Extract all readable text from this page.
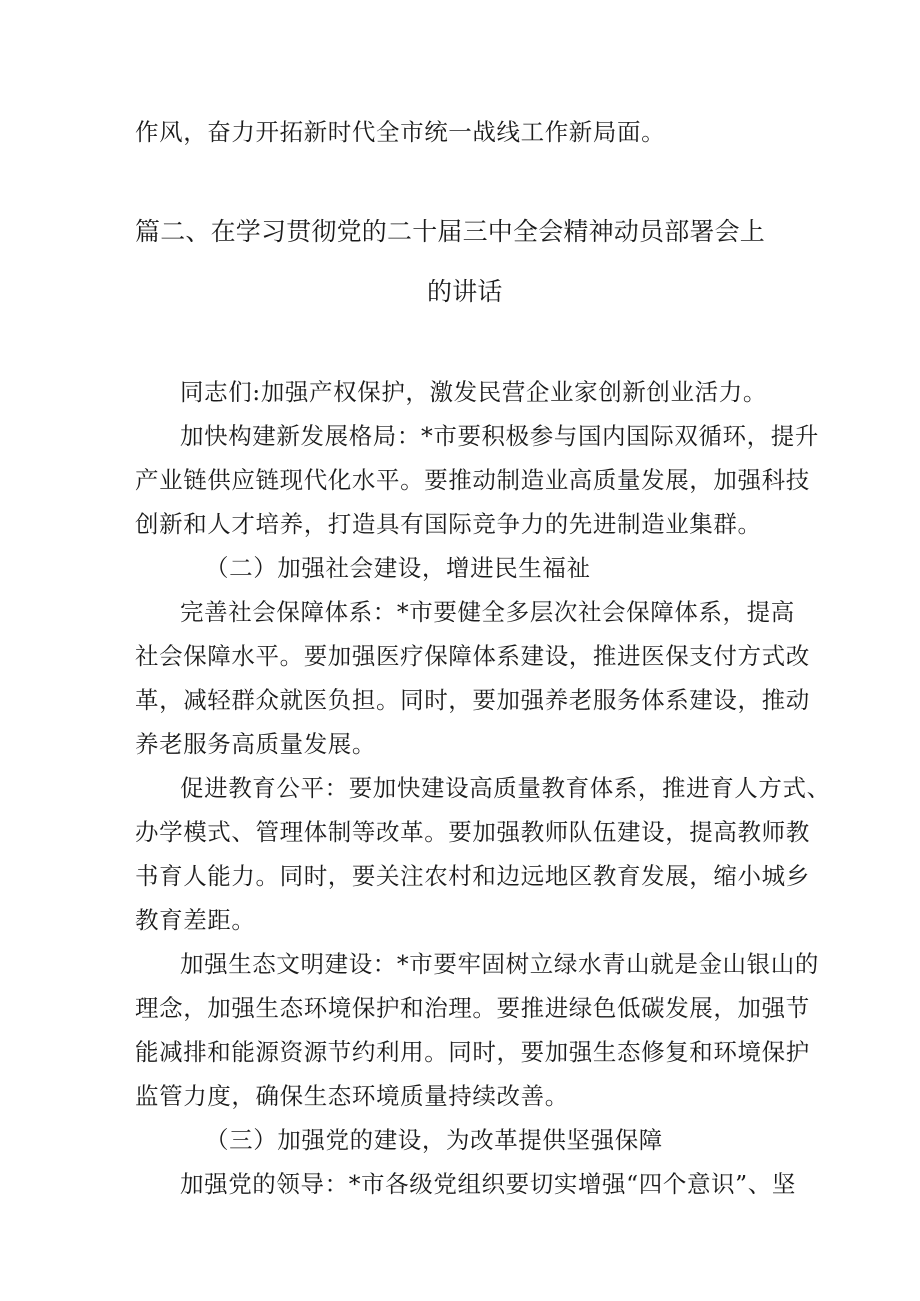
作风，奋力开拓新时代全市统一战线工作新局面。
篇二、在学习贯彻党的二十届三中全会精神动员部署会上
的讲话
同志们:加强产权保护，激发民营企业家创新创业活力。
加快构建新发展格局：*市要积极参与国内国际双循环，提升
产业链供应链现代化水平。要推动制造业高质量发展，加强科技
创新和人才培养，打造具有国际竞争力的先进制造业集群。
（二）加强社会建设，增进民生福祉
完善社会保障体系：*市要健全多层次社会保障体系，提高
社会保障水平。要加强医疗保障体系建设，推进医保支付方式改
革，减轻群众就医负担。同时，要加强养老服务体系建设，推动
养老服务高质量发展。
促进教育公平：要加快建设高质量教育体系，推进育人方式、
办学模式、管理体制等改革。要加强教师队伍建设，提高教师教
书育人能力。同时，要关注农村和边远地区教育发展，缩小城乡
教育差距。
加强生态文明建设：*市要牢固树立绿水青山就是金山银山的
理念，加强生态环境保护和治理。要推进绿色低碳发展，加强节
能减排和能源资源节约利用。同时，要加强生态修复和环境保护
监管力度，确保生态环境质量持续改善。
（三）加强党的建设，为改革提供坚强保障
加强党的领导：*市各级党组织要切实增强“四个意识”、坚
